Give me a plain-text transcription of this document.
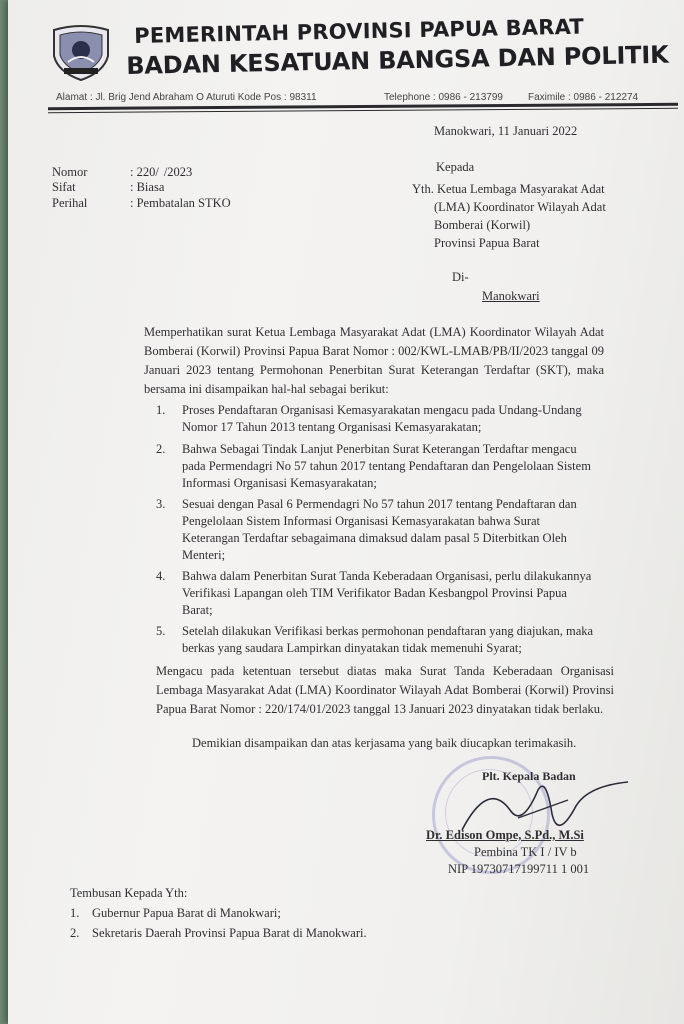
PEMERINTAH PROVINSI PAPUA BARAT
BADAN KESATUAN BANGSA DAN POLITIK
Alamat : Jl. Brig Jend Abraham O Aturuti Kode Pos : 98311	Telephone : 0986 - 213799	Faximile : 0986 - 212274
Manokwari, 11 Januari 2022
Nomor	: 220/  /2023
Sifat	: Biasa
Perihal	: Pembatalan STKO
Kepada
Yth. Ketua Lembaga Masyarakat Adat
(LMA) Koordinator Wilayah Adat
Bomberai (Korwil)
Provinsi Papua Barat
Di-
Manokwari
Memperhatikan surat Ketua Lembaga Masyarakat Adat (LMA) Koordinator Wilayah Adat Bomberai (Korwil) Provinsi Papua Barat Nomor : 002/KWL-LMAB/PB/II/2023 tanggal 09 Januari 2023 tentang Permohonan Penerbitan Surat Keterangan Terdaftar (SKT), maka bersama ini disampaikan hal-hal sebagai berikut:
1. Proses Pendaftaran Organisasi Kemasyarakatan mengacu pada Undang-Undang
Nomor 17 Tahun 2013 tentang Organisasi Kemasyarakatan;
2. Bahwa Sebagai Tindak Lanjut Penerbitan Surat Keterangan Terdaftar mengacu
pada Permendagri No 57 tahun 2017 tentang Pendaftaran dan Pengelolaan Sistem
Informasi Organisasi Kemasyarakatan;
3. Sesuai dengan Pasal 6 Permendagri No 57 tahun 2017 tentang Pendaftaran dan
Pengelolaan Sistem Informasi Organisasi Kemasyarakatan bahwa Surat
Keterangan Terdaftar sebagaimana dimaksud dalam pasal 5 Diterbitkan Oleh
Menteri;
4. Bahwa dalam Penerbitan Surat Tanda Keberadaan Organisasi, perlu dilakukannya
Verifikasi Lapangan oleh TIM Verifikator Badan Kesbangpol Provinsi Papua
Barat;
5. Setelah dilakukan Verifikasi berkas permohonan pendaftaran yang diajukan, maka
berkas yang saudara Lampirkan dinyatakan tidak memenuhi Syarat;
Mengacu pada ketentuan tersebut diatas maka Surat Tanda Keberadaan Organisasi Lembaga Masyarakat Adat (LMA) Koordinator Wilayah Adat Bomberai (Korwil) Provinsi Papua Barat Nomor : 220/174/01/2023 tanggal 13 Januari 2023 dinyatakan tidak berlaku.
Demikian disampaikan dan atas kerjasama yang baik diucapkan terimakasih.
Plt. Kepala Badan
Dr. Edison Ompe, S.Pd., M.Si
Pembina TK I / IV b
NIP 19730717199711 1 001
Tembusan Kepada Yth:
1. Gubernur Papua Barat di Manokwari;
2. Sekretaris Daerah Provinsi Papua Barat di Manokwari.
